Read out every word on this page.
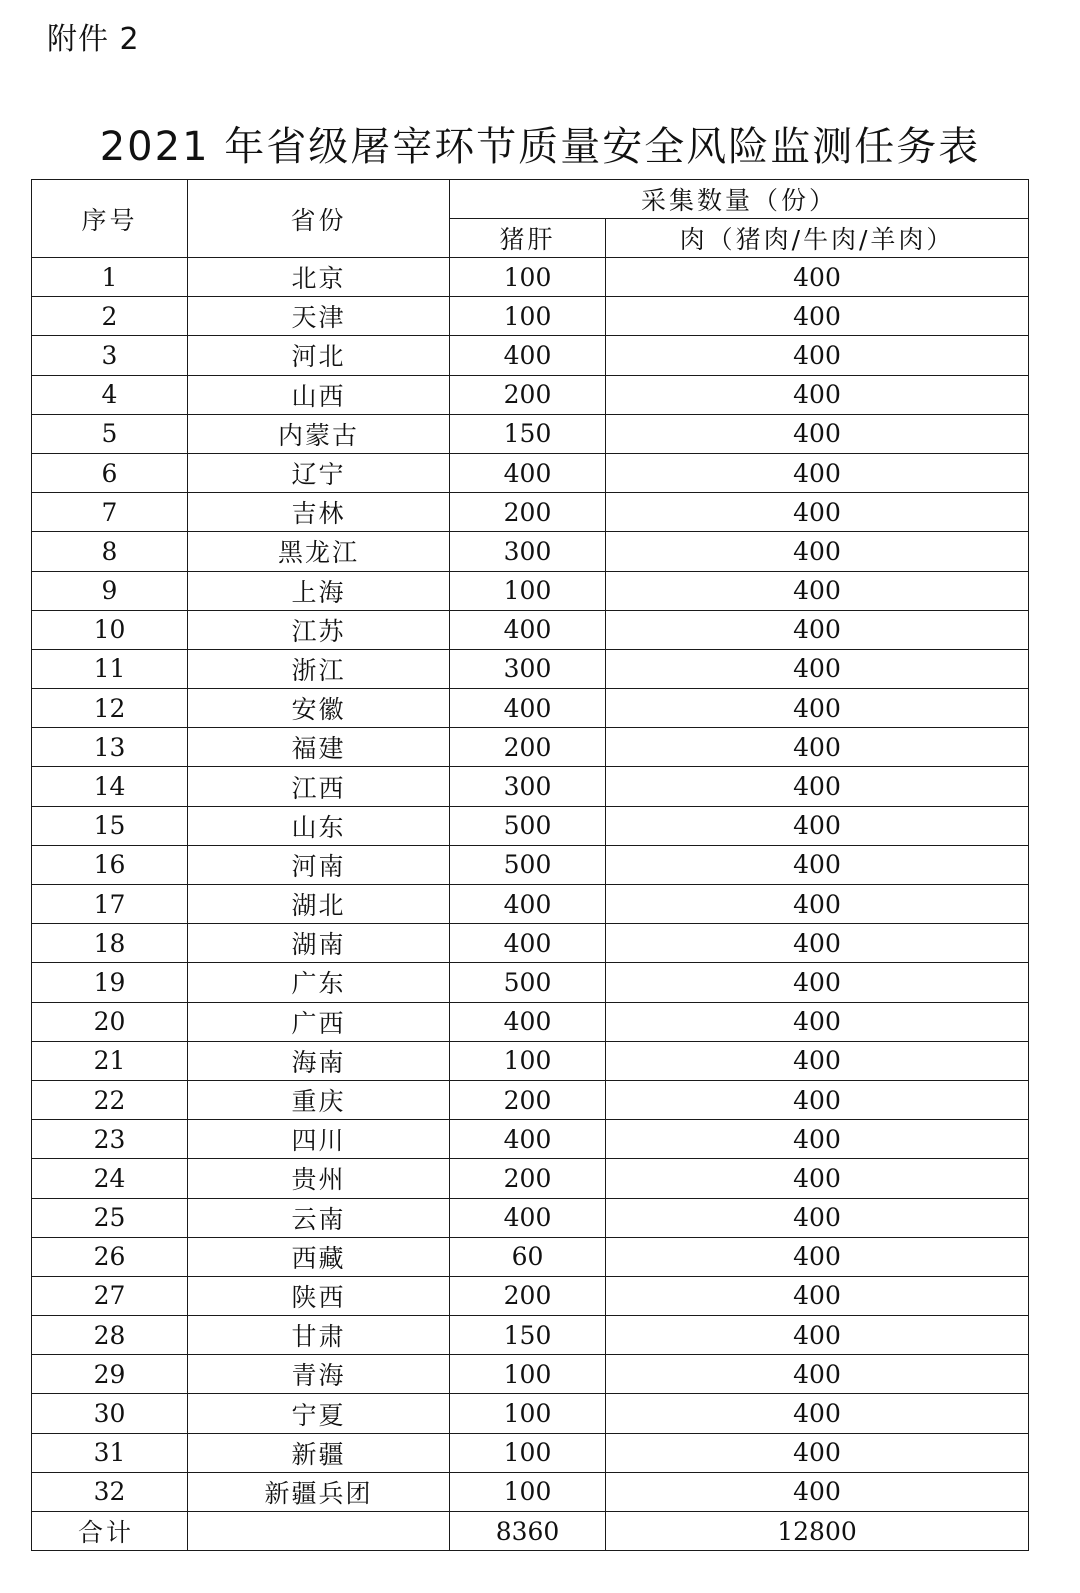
附件 2
2021 年省级屠宰环节质量安全风险监测任务表
序号	省份	采集数量（份）	
		猪肝	肉（猪肉/牛肉/羊肉）
1	北京	100	400
2	天津	100	400
3	河北	400	400
4	山西	200	400
5	内蒙古	150	400
6	辽宁	400	400
7	吉林	200	400
8	黑龙江	300	400
9	上海	100	400
10	江苏	400	400
11	浙江	300	400
12	安徽	400	400
13	福建	200	400
14	江西	300	400
15	山东	500	400
16	河南	500	400
17	湖北	400	400
18	湖南	400	400
19	广东	500	400
20	广西	400	400
21	海南	100	400
22	重庆	200	400
23	四川	400	400
24	贵州	200	400
25	云南	400	400
26	西藏	60	400
27	陕西	200	400
28	甘肃	150	400
29	青海	100	400
30	宁夏	100	400
31	新疆	100	400
32	新疆兵团	100	400
合计		8360	12800
